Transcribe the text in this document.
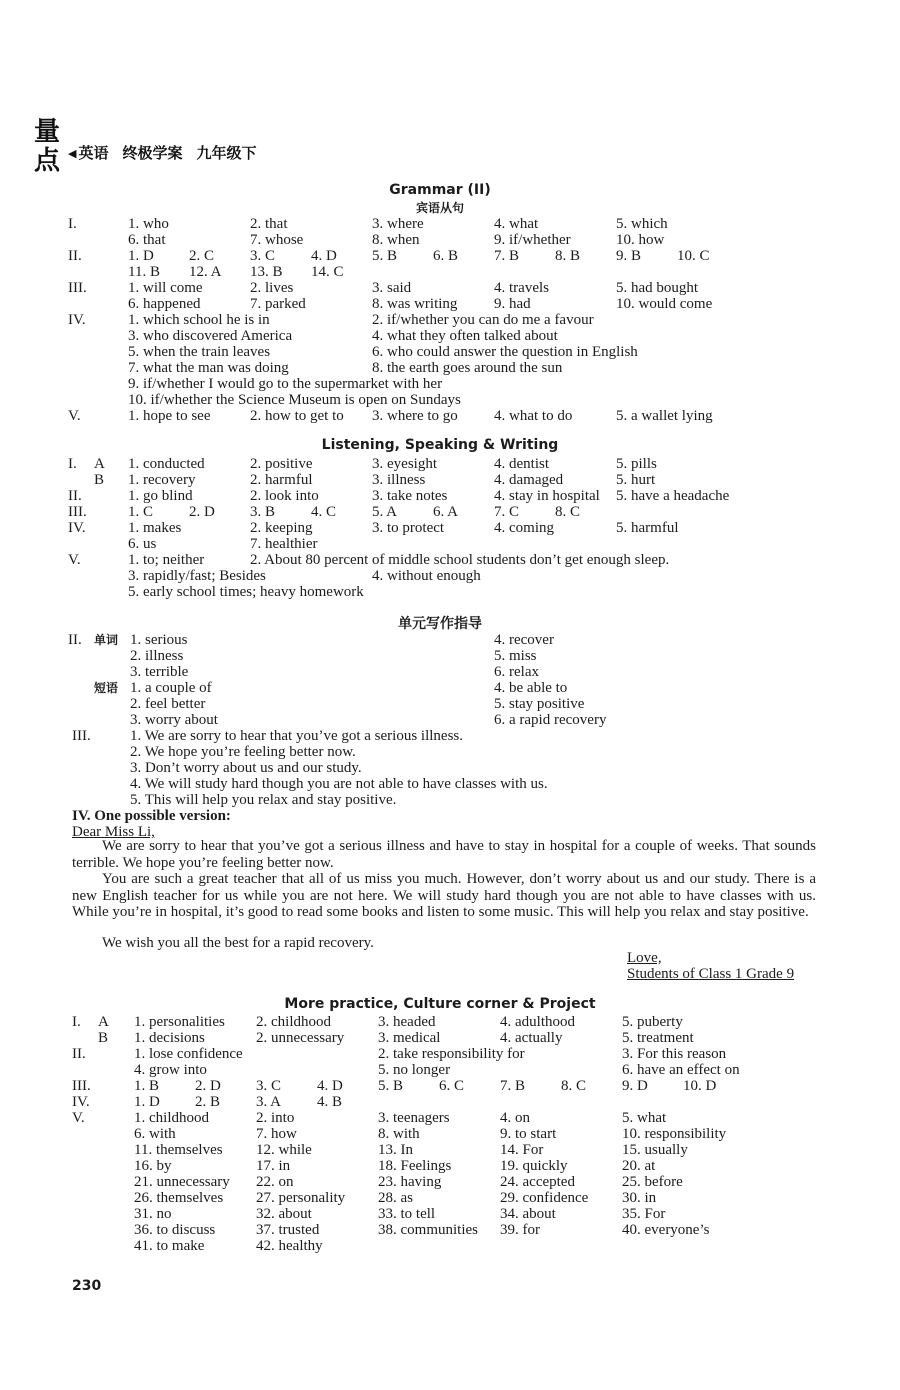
量
点 ◀ 英语 终极学案 九年级下
Grammar (II)
宾语从句
I.	1. who	2. that	3. where	4. what	5. which
6. that	7. whose	8. when	9. if/whether	10. how
II.	1. D 2. C 3. C 4. D 5. B 6. B 7. B 8. B 9. B 10. C
11. B 12. A 13. B 14. C
III.	1. will come	2. lives	3. said	4. travels	5. had bought
6. happened	7. parked	8. was writing 9. had	10. would come
IV.	1. which school he is in	2. if/whether you can do me a favour
3. who discovered America	4. what they often talked about
5. when the train leaves	6. who could answer the question in English
7. what the man was doing	8. the earth goes around the sun
9. if/whether I would go to the supermarket with her
10. if/whether the Science Museum is open on Sundays
V.	1. hope to see	2. how to get to 3. where to go 4. what to do	5. a wallet lying
Listening, Speaking & Writing
I. A 1. conducted	2. positive	3. eyesight	4. dentist	5. pills
B 1. recovery	2. harmful	3. illness	4. damaged	5. hurt
II.	1. go blind	2. look into	3. take notes	4. stay in hospital 5. have a headache
III.	1. C 2. D 3. B 4. C 5. A 6. A 7. C 8. C
IV.	1. makes	2. keeping	3. to protect	4. coming	5. harmful
6. us	7. healthier
V.	1. to; neither	2. About 80 percent of middle school students don’t get enough sleep.
3. rapidly/fast; Besides	4. without enough
5. early school times; heavy homework
单元写作指导
单词
短语
II.	1. serious	4. recover
2. illness	5. miss
3. terrible	6. relax
1. a couple of	4. be able to
2. feel better	5. stay positive
3. worry about	6. a rapid recovery
III.	1. We are sorry to hear that you’ve got a serious illness.
2. We hope you’re feeling better now.
3. Don’t worry about us and our study.
4. We will study hard though you are not able to have classes with us.
5. This will help you relax and stay positive.
IV. One possible version:
Dear Miss Li,
We are sorry to hear that you’ve got a serious illness and have to stay in hospital for a couple of weeks. That sounds terrible. We hope you’re feeling better now.
You are such a great teacher that all of us miss you much. However, don’t worry about us and our study. There is a new English teacher for us while you are not here. We will study hard though you are not able to have classes with us. While you’re in hospital, it’s good to read some books and listen to some music. This will help you relax and stay positive.
We wish you all the best for a rapid recovery.
Love,
Students of Class 1 Grade 9
More practice, Culture corner & Project
I. A 1. personalities 2. childhood	3. headed	4. adulthood	5. puberty
B 1. decisions	2. unnecessary 3. medical	4. actually	5. treatment
II.	1. lose confidence	2. take responsibility for	3. For this reason
4. grow into	5. no longer	6. have an effect on
III.	1. B 2. D 3. C 4. D 5. B 6. C 7. B 8. C 9. D 10. D
IV.	1. D 2. B 3. A 4. B
V.	1. childhood	2. into	3. teenagers	4. on	5. what
6. with	7. how	8. with	9. to start	10. responsibility
11. themselves 12. while	13. In	14. For	15. usually
16. by	17. in	18. Feelings	19. quickly	20. at
21. unnecessary 22. on	23. having	24. accepted	25. before
26. themselves 27. personality 28. as	29. confidence 30. in
31. no	32. about	33. to tell	34. about	35. For
36. to discuss	37. trusted	38. communities 39. for	40. everyone’s
41. to make	42. healthy
230
